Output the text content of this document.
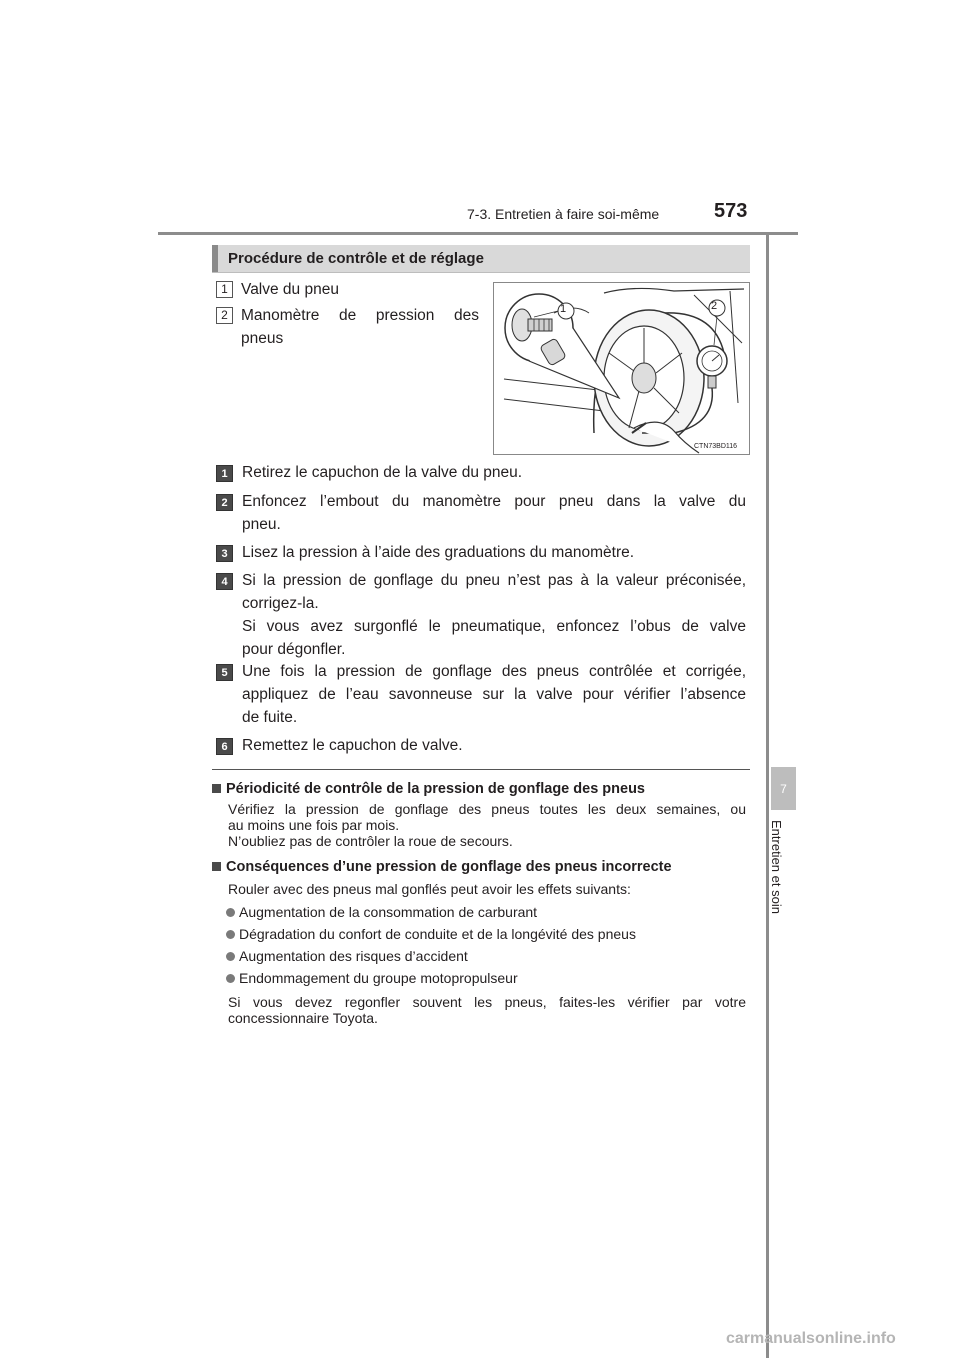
7-3. Entretien à faire soi-même	573
7
Entretien et soin
Procédure de contrôle et de réglage
1 Valve du pneu
2 Manomètre de pression des
pneus
1	2
CTN73BD116
1 Retirez le capuchon de la valve du pneu.
2 Enfoncez l’embout du manomètre pour pneu dans la valve du
pneu.
3 Lisez la pression à l’aide des graduations du manomètre.
4 Si la pression de gonflage du pneu n’est pas à la valeur préconisée,
corrigez-la.
Si vous avez surgonflé le pneumatique, enfoncez l’obus de valve
pour dégonfler.
5 Une fois la pression de gonflage des pneus contrôlée et corrigée,
appliquez de l’eau savonneuse sur la valve pour vérifier l’absence
de fuite.
6 Remettez le capuchon de valve.
Périodicité de contrôle de la pression de gonflage des pneus
Vérifiez la pression de gonflage des pneus toutes les deux semaines, ou
au moins une fois par mois.
N’oubliez pas de contrôler la roue de secours.
Conséquences d’une pression de gonflage des pneus incorrecte
Rouler avec des pneus mal gonflés peut avoir les effets suivants:
Augmentation de la consommation de carburant
Dégradation du confort de conduite et de la longévité des pneus
Augmentation des risques d’accident
Endommagement du groupe motopropulseur
Si vous devez regonfler souvent les pneus, faites-les vérifier par votre
concessionnaire Toyota.
carmanualsonline.info
